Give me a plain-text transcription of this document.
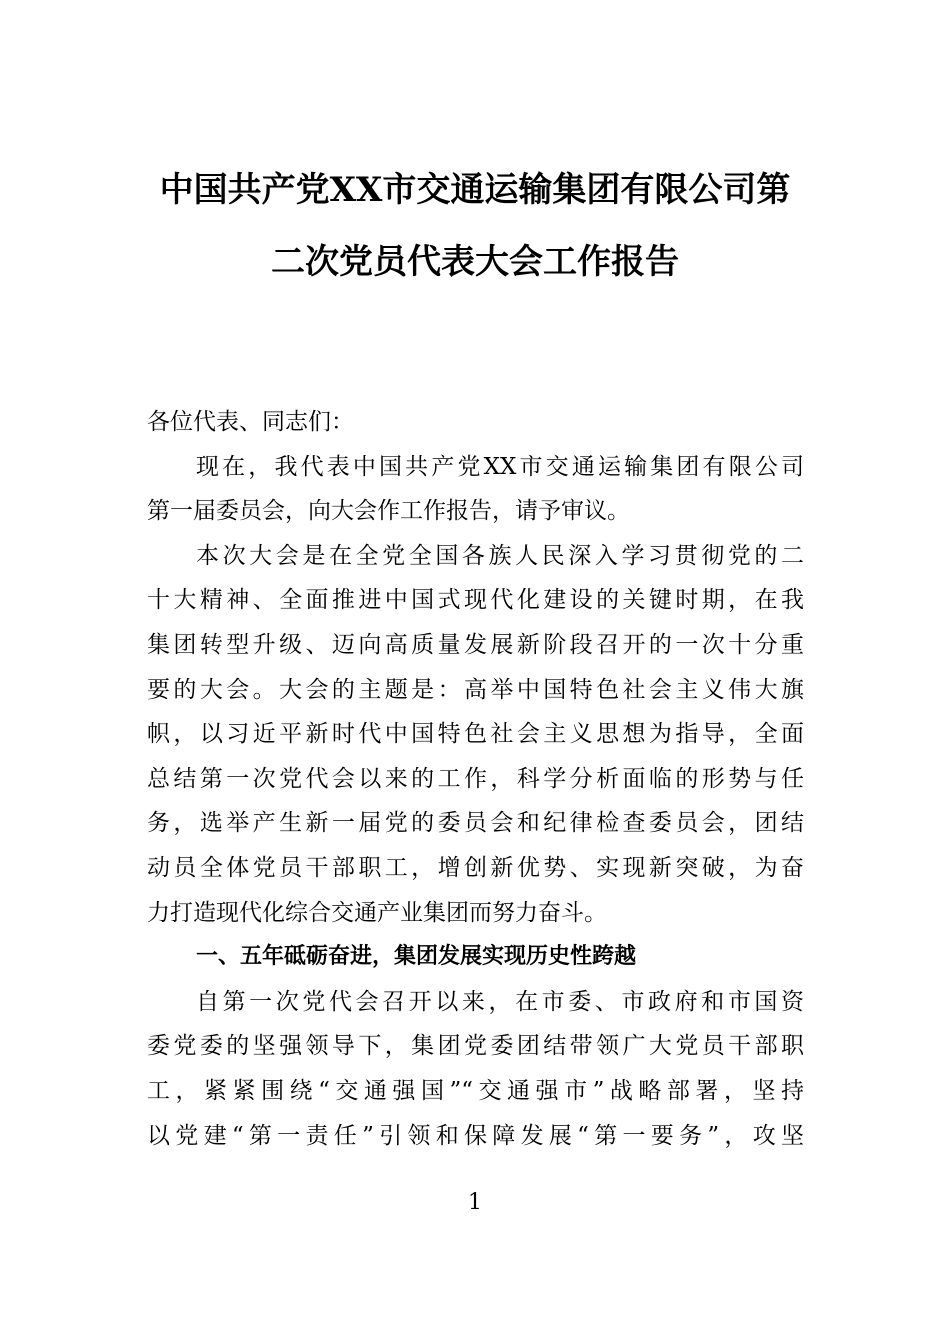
中国共产党XX市交通运输集团有限公司第
二次党员代表大会工作报告
各位代表、同志们：
现在，我代表中国共产党XX市交通运输集团有限公司
第一届委员会，向大会作工作报告，请予审议。
本次大会是在全党全国各族人民深入学习贯彻党的二
十大精神、全面推进中国式现代化建设的关键时期，在我
集团转型升级、迈向高质量发展新阶段召开的一次十分重
要的大会。大会的主题是：高举中国特色社会主义伟大旗
帜，以习近平新时代中国特色社会主义思想为指导，全面
总结第一次党代会以来的工作，科学分析面临的形势与任
务，选举产生新一届党的委员会和纪律检查委员会，团结
动员全体党员干部职工，增创新优势、实现新突破，为奋
力打造现代化综合交通产业集团而努力奋斗。
一、五年砥砺奋进，集团发展实现历史性跨越
自第一次党代会召开以来，在市委、市政府和市国资
委党委的坚强领导下，集团党委团结带领广大党员干部职
工，紧紧围绕“交通强国”“交通强市”战略部署，坚持
以党建“第一责任”引领和保障发展“第一要务”，攻坚
1
